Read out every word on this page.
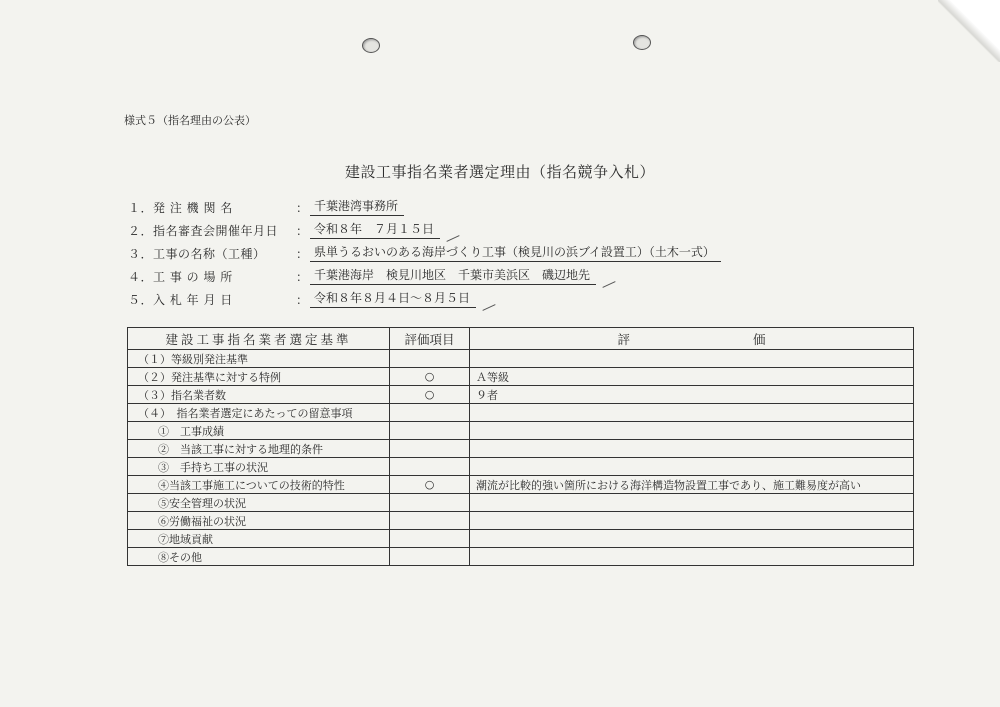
様式５（指名理由の公表）
建設工事指名業者選定理由（指名競争入札）
１．発 注 機 関 名	： 千葉港湾事務所
２．指名審査会開催年月日	： 令和８年　７月１５日
３．工事の名称（工種）	： 県単うるおいのある海岸づくり工事（検見川の浜ブイ設置工）（土木一式）
４．工 事 の 場 所	： 千葉港海岸　検見川地区　千葉市美浜区　磯辺地先
５．入 札 年 月 日	： 令和８年８月４日～８月５日
建設工事指名業者選定基準	評価項目	評 価

（１）等級別発注基準		
（２）発注基準に対する特例	○	Ａ等級
（３）指名業者数	○	９者
（４）　指名業者選定にあたっての留意事項		
①　工事成績		
②　当該工事に対する地理的条件		
③　手持ち工事の状況		
④当該工事施工についての技術的特性	○	潮流が比較的強い箇所における海洋構造物設置工事であり、施工難易度が高い
⑤安全管理の状況		
⑥労働福祉の状況		
⑦地域貢献		
⑧その他		
